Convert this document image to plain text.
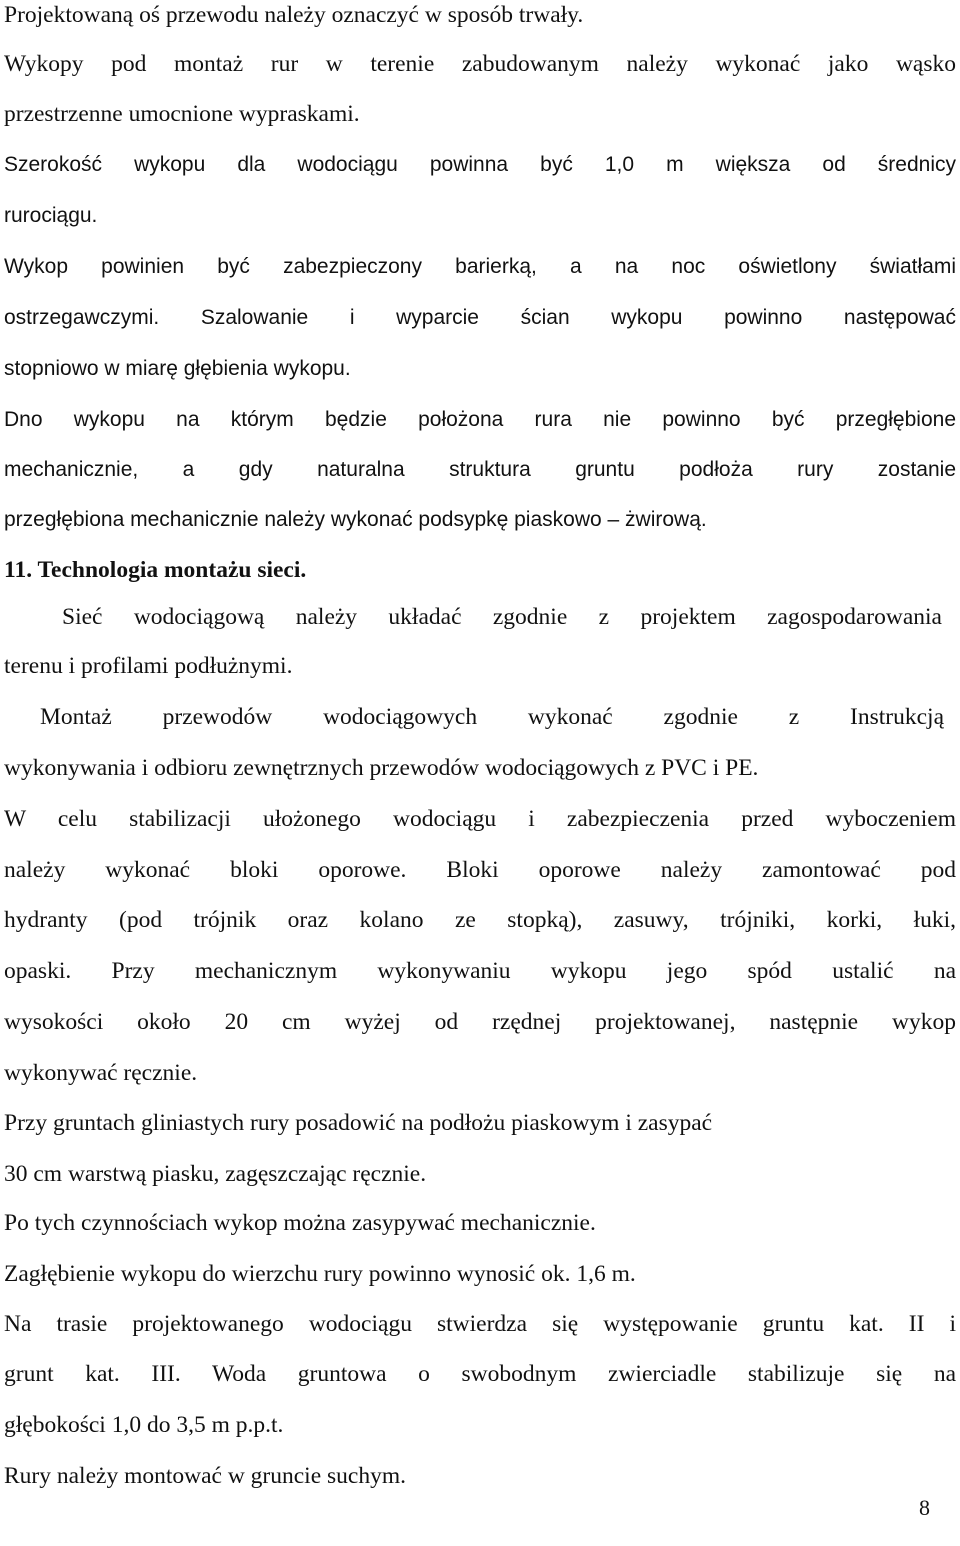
Projektowaną oś przewodu należy oznaczyć w sposób trwały.
Wykopy pod montaż rur w terenie zabudowanym należy wykonać jako wąsko
przestrzenne umocnione wypraskami.
Szerokość wykopu dla wodociągu powinna być 1,0 m większa od średnicy
rurociągu.
Wykop powinien być zabezpieczony barierką, a na noc oświetlony światłami
ostrzegawczymi. Szalowanie i wyparcie ścian wykopu powinno następować
stopniowo w miarę głębienia wykopu.
Dno wykopu na którym będzie położona rura nie powinno być przegłębione
mechanicznie, a gdy naturalna struktura gruntu podłoża rury zostanie
przegłębiona mechanicznie należy wykonać podsypkę piaskowo – żwirową.
11. Technologia montażu sieci.
Sieć wodociągową należy układać zgodnie z projektem zagospodarowania
terenu i profilami podłużnymi.
Montaż przewodów wodociągowych wykonać zgodnie z Instrukcją
wykonywania i odbioru zewnętrznych przewodów wodociągowych z PVC i PE.
W celu stabilizacji ułożonego wodociągu i zabezpieczenia przed wyboczeniem
należy wykonać bloki oporowe. Bloki oporowe należy zamontować pod
hydranty (pod trójnik oraz kolano ze stopką), zasuwy, trójniki, korki, łuki,
opaski. Przy mechanicznym wykonywaniu wykopu jego spód ustalić na
wysokości około 20 cm wyżej od rzędnej projektowanej, następnie wykop
wykonywać ręcznie.
Przy gruntach gliniastych rury posadowić na podłożu piaskowym i zasypać
30 cm warstwą piasku, zagęszczając ręcznie.
Po tych czynnościach wykop można zasypywać mechanicznie.
Zagłębienie wykopu do wierzchu rury powinno wynosić ok. 1,6 m.
Na trasie projektowanego wodociągu stwierdza się występowanie gruntu kat. II i
grunt kat. III. Woda gruntowa o swobodnym zwierciadle stabilizuje się na
głębokości 1,0 do 3,5 m p.p.t.
Rury należy montować w gruncie suchym.
8
